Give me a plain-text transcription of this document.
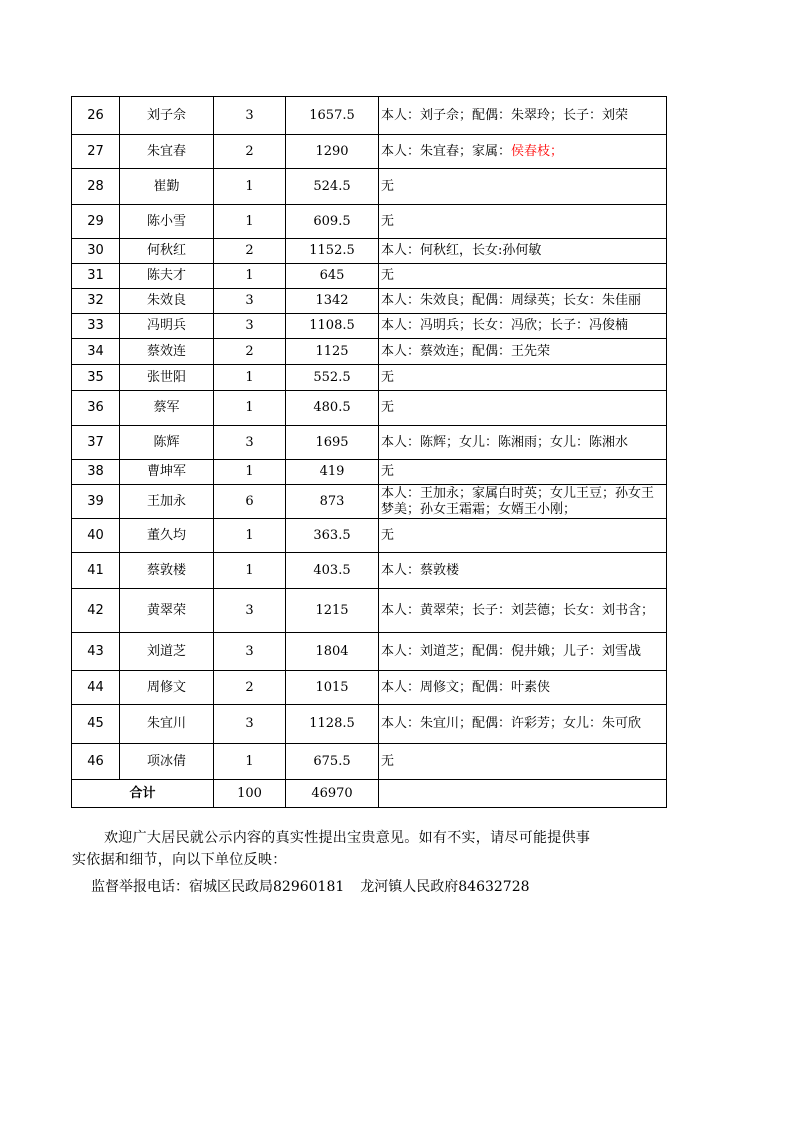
26	刘子佘	3	1657.5	本人：刘子佘；配偶：朱翠玲；长子：刘荣
27	朱宜春	2	1290	本人：朱宜春；家属：侯春枝；
28	崔勤	1	524.5	无
29	陈小雪	1	609.5	无
30	何秋红	2	1152.5	本人：何秋红，长女:孙何敏
31	陈夫才	1	645	无
32	朱效良	3	1342	本人：朱效良；配偶：周绿英；长女：朱佳丽
33	冯明兵	3	1108.5	本人：冯明兵；长女：冯欣；长子：冯俊楠
34	蔡效连	2	1125	本人：蔡效连；配偶：王先荣
35	张世阳	1	552.5	无
36	蔡军	1	480.5	无
37	陈辉	3	1695	本人：陈辉；女儿：陈湘雨；女儿：陈湘水
38	曹坤军	1	419	无
39	王加永	6	873	本人：王加永；家属白时英；女儿王豆；孙女王梦美；孙女王霜霜；女婿王小刚；
40	董久均	1	363.5	无
41	蔡敦楼	1	403.5	本人：蔡敦楼
42	黄翠荣	3	1215	本人：黄翠荣；长子：刘芸德；长女：刘书含；
43	刘道芝	3	1804	本人：刘道芝；配偶：倪井娥；儿子：刘雪战
44	周修文	2	1015	本人：周修文；配偶：叶素侠
45	朱宜川	3	1128.5	本人：朱宜川；配偶：许彩芳；女儿：朱可欣
46	项冰倩	1	675.5	无
合计		100	46970	

欢迎广大居民就公示内容的真实性提出宝贵意见。如有不实，请尽可能提供事

实依据和细节，向以下单位反映：

监督举报电话：宿城区民政局82960181 龙河镇人民政府84632728
